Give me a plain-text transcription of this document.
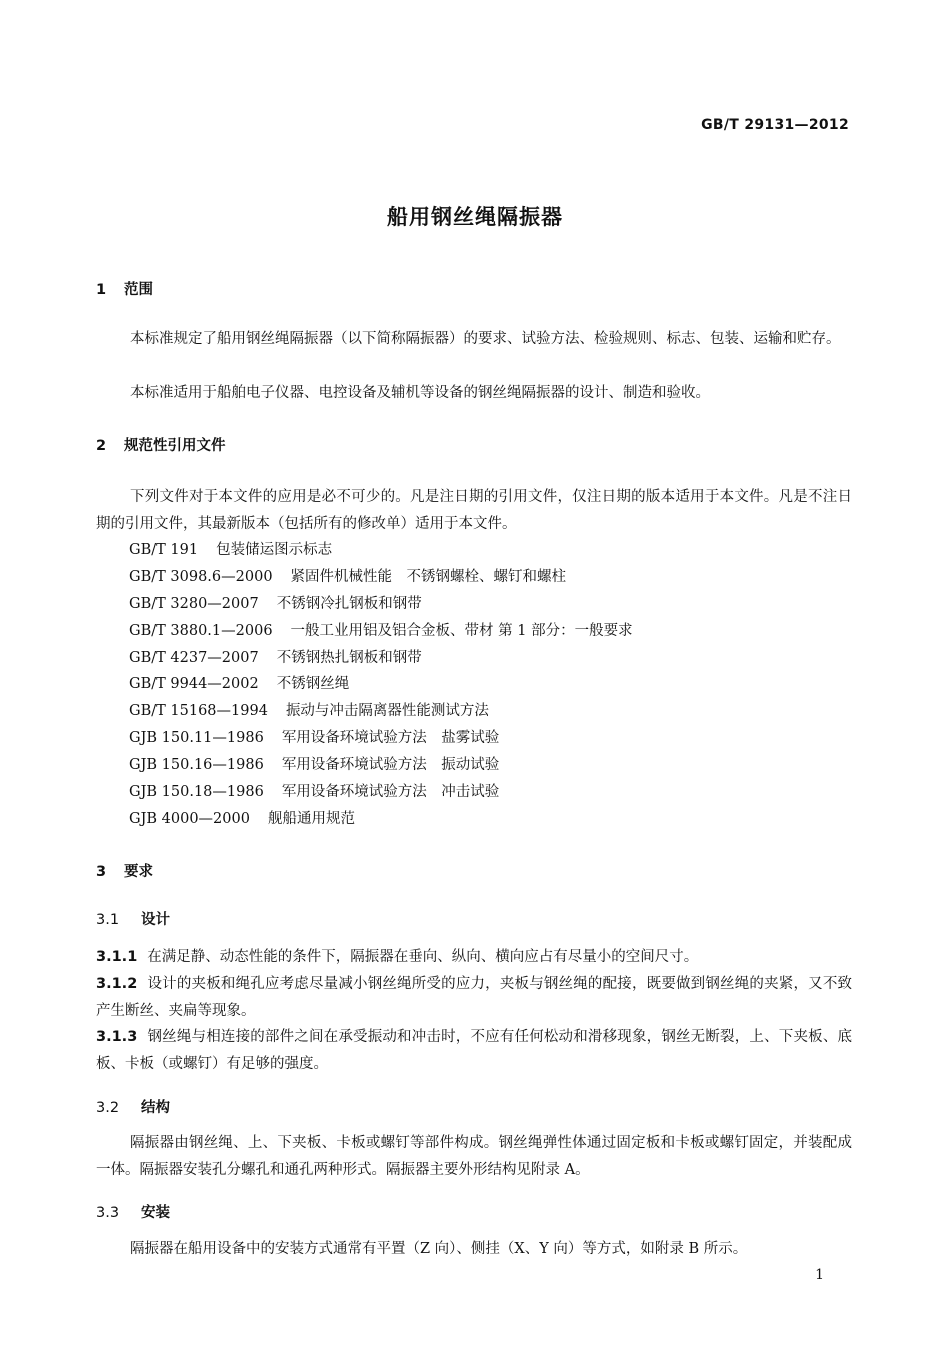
GB/T 29131—2012
船用钢丝绳隔振器
1 范围
本标准规定了船用钢丝绳隔振器（以下简称隔振器）的要求、试验方法、检验规则、标志、包装、运输和贮存。
本标准适用于船舶电子仪器、电控设备及辅机等设备的钢丝绳隔振器的设计、制造和验收。
2 规范性引用文件
下列文件对于本文件的应用是必不可少的。凡是注日期的引用文件，仅注日期的版本适用于本文件。凡是不注日期的引用文件，其最新版本（包括所有的修改单）适用于本文件。
GB/T 191 包装储运图示标志
GB/T 3098.6—2000 紧固件机械性能　不锈钢螺栓、螺钉和螺柱
GB/T 3280—2007 不锈钢冷扎钢板和钢带
GB/T 3880.1—2006 一般工业用铝及铝合金板、带材 第 1 部分：一般要求
GB/T 4237—2007 不锈钢热扎钢板和钢带
GB/T 9944—2002 不锈钢丝绳
GB/T 15168—1994 振动与冲击隔离器性能测试方法
GJB 150.11—1986 军用设备环境试验方法　盐雾试验
GJB 150.16—1986 军用设备环境试验方法　振动试验
GJB 150.18—1986 军用设备环境试验方法　冲击试验
GJB 4000—2000 舰船通用规范
3 要求
3.1 设计
3.1.1 在满足静、动态性能的条件下，隔振器在垂向、纵向、横向应占有尽量小的空间尺寸。
3.1.2 设计的夹板和绳孔应考虑尽量减小钢丝绳所受的应力，夹板与钢丝绳的配接，既要做到钢丝绳的夹紧，又不致产生断丝、夹扁等现象。
3.1.3 钢丝绳与相连接的部件之间在承受振动和冲击时，不应有任何松动和滑移现象，钢丝无断裂，上、下夹板、底板、卡板（或螺钉）有足够的强度。
3.2 结构
隔振器由钢丝绳、上、下夹板、卡板或螺钉等部件构成。钢丝绳弹性体通过固定板和卡板或螺钉固定，并装配成一体。隔振器安装孔分螺孔和通孔两种形式。隔振器主要外形结构见附录 A。
3.3 安装
隔振器在船用设备中的安装方式通常有平置（Z 向）、侧挂（X、Y 向）等方式，如附录 B 所示。
1
